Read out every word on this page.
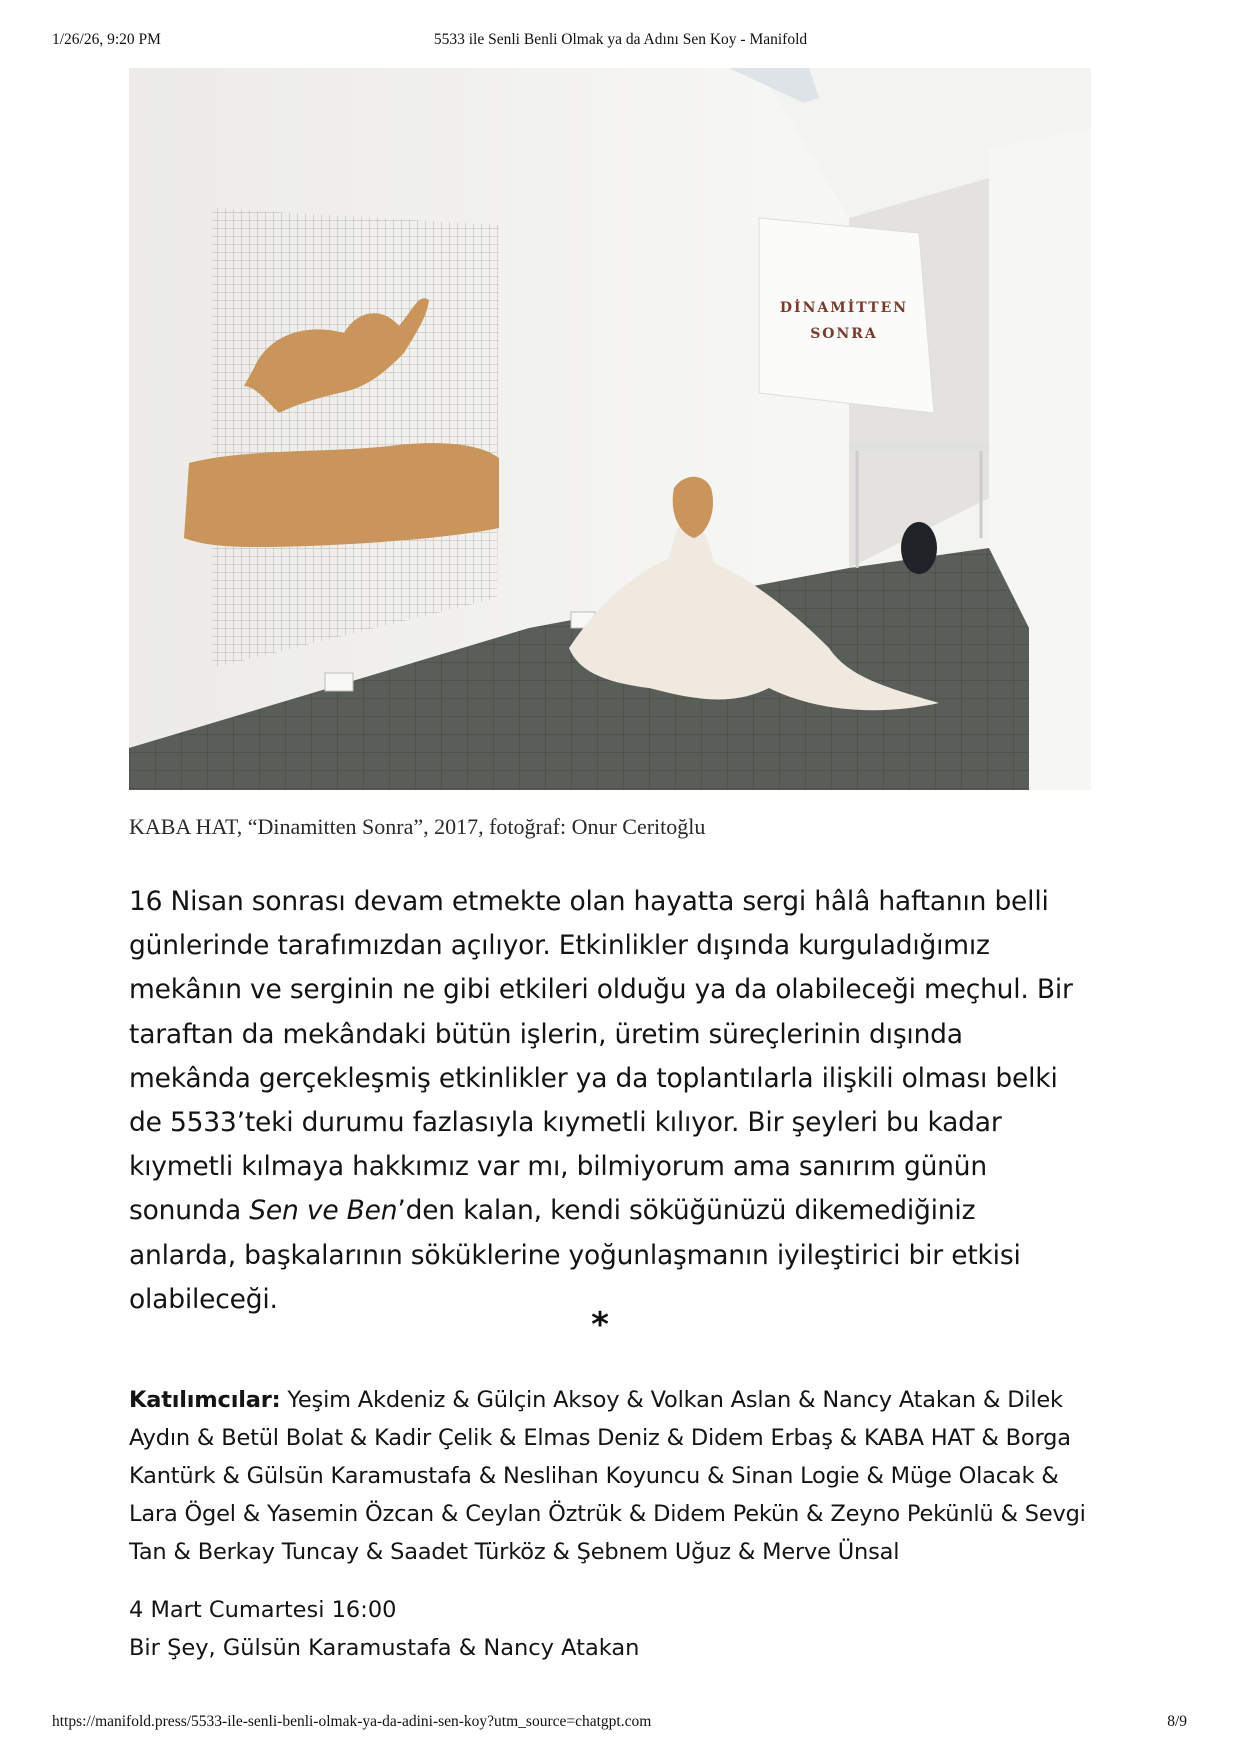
1/26/26, 9:20 PM	5533 ile Senli Benli Olmak ya da Adını Sen Koy - Manifold
DİNAMİTTEN
SONRA
KABA HAT, “Dinamitten Sonra”, 2017, fotoğraf: Onur Ceritoğlu

16 Nisan sonrası devam etmekte olan hayatta sergi hâlâ haftanın belli günlerinde tarafımızdan açılıyor. Etkinlikler dışında kurguladığımız mekânın ve serginin ne gibi etkileri olduğu ya da olabileceği meçhul. Bir taraftan da mekândaki bütün işlerin, üretim süreçlerinin dışında mekânda gerçekleşmiş etkinlikler ya da toplantılarla ilişkili olması belki de 5533’teki durumu fazlasıyla kıymetli kılıyor. Bir şeyleri bu kadar kıymetli kılmaya hakkımız var mı, bilmiyorum ama sanırım günün sonunda Sen ve Ben’den kalan, kendi söküğünüzü dikemediğiniz anlarda, başkalarının söküklerine yoğunlaşmanın iyileştirici bir etkisi olabileceği.

*

Katılımcılar: Yeşim Akdeniz & Gülçin Aksoy & Volkan Aslan & Nancy Atakan & Dilek Aydın & Betül Bolat & Kadir Çelik & Elmas Deniz & Didem Erbaş & KABA HAT & Borga Kantürk & Gülsün Karamustafa & Neslihan Koyuncu & Sinan Logie & Müge Olacak & Lara Ögel & Yasemin Özcan & Ceylan Öztrük & Didem Pekün & Zeyno Pekünlü & Sevgi Tan & Berkay Tuncay & Saadet Türköz & Şebnem Uğuz & Merve Ünsal

4 Mart Cumartesi 16:00

Bir Şey, Gülsün Karamustafa & Nancy Atakan

https://manifold.press/5533-ile-senli-benli-olmak-ya-da-adini-sen-koy?utm_source=chatgpt.com	8/9
